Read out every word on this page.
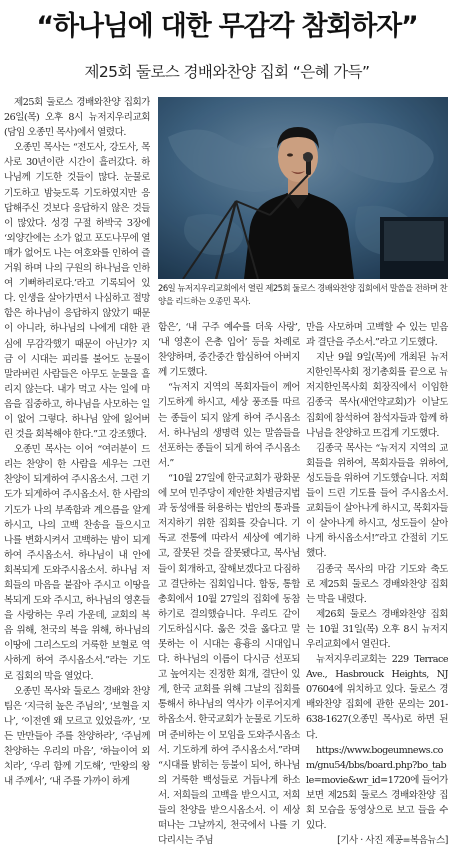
“하나님에 대한 무감각 참회하자”
제25회 둘로스 경배와찬양 집회 “은혜 가득”

제25회 둘로스 경배와찬양 집회가 26일(목) 오후 8시 뉴저지우리교회(담임 오종민 목사)에서 열렸다.

오종민 목사는 “전도사, 강도사, 목사로 30년이란 시간이 흘러갔다. 하나님께 기도한 것들이 많다. 눈물로 기도하고 밤늦도록 기도하였지만 응답해주신 것보다 응답하지 않은 것들이 많았다. 성경 구절 하박국 3장에 ‘외양간에는 소가 없고 포도나무에 열매가 없어도 나는 여호와를 인하여 즐거워 하며 나의 구원의 하나님을 인하여 기뻐하리로다.’라고 기록되어 있다. 인생을 살아가면서 나심하고 절망함은 하나님이 응답하지 않았기 때문이 아니라, 하나님의 나에게 대한 관심에 무감각했기 때문이 아닌가? 지금 이 시대는 피리를 불어도 눈물이 말라버린 사람들은 아무도 눈물을 흘리지 않는다. 내가 먹고 사는 일에 마음을 집중하고, 하나님을 사모하는 일이 없어 그렇다. 하나님 앞에 잃어버린 것을 회복해야 한다.”고 강조했다.

오종민 목사는 이어 “여러분이 드리는 찬양이 한 사람을 세우는 그런 찬양이 되게하여 주시옵소서. 그런 기도가 되게하여 주시옵소서. 한 사람의 기도가 나의 부족함과 계으름을 알게 하시고, 나의 고백 찬송을 들으시고 나를 변화시켜서 고백하는 밤이 되게 하여 주시옵소서. 하나님이 내 안에 회복되게 도와주시옵소서. 하나님 저희들의 마음을 붙잡아 주시고 이땅을 복되게 도와 주시고, 하나님의 영혼들을 사랑하는 우리 가운데, 교회의 복음 위해, 천국의 복을 위해, 하나님의 이땅에 그리스도의 거룩한 보혈로 역사하게 하여 주시옵소서.”라는 기도로 집회의 막을 열었다.

오종민 목사와 둘로스 경배와 찬양팀은 ‘지극히 높은 주님의’, ‘보혈을 지나’, ‘이전엔 왜 모르고 있었을까’, ‘모든 만만들아 주를 찬양하라’, ‘주님께 찬양하는 우리의 마음’, ‘하늘이여 외치라’, ‘우리 함께 기도해’, ‘만왕의 왕 내 주께서’, ‘내 주를 가까이 하게

26일 뉴저지우리교회에서 열린 제25회 둘로스 경배와찬양 집회에서 말씀을 전하며 찬양을 리드하는 오종민 목사.

함은’, ‘내 구주 예수를 더욱 사랑’, ‘내 영혼이 은총 입어’ 등을 차례로 찬양하며, 중간중간 합심하여 아버지께 기도했다.

“뉴저지 지역의 목회자들이 께어 기도하게 하시고, 세상 풍조를 따르는 종들이 되지 않게 하여 주시옵소서. 하나님의 생명력 있는 말씀들을 선포하는 종들이 되게 하여 주시옵소서.”

“10월 27일에 한국교회가 광화문에 모여 민주당이 제안한 차별금지법과 동성애를 허용하는 법안의 통과를 저지하기 위한 집회를 갖습니다. 기독교 전통에 따라서 세상에 예기하고, 잘못된 것을 잘못됐다고, 목사님들이 회개하고, 잘해보겠다고 다짐하고 결단하는 집회입니다. 합동, 통합 총회에서 10월 27일의 집회에 동참하기로 결의했습니다. 우리도 같이 기도하십시다. 옳은 것을 옳다고 말못하는 이 시대는 흉흉의 시대입니다. 하나님의 이름이 다시금 선포되고 높여지는 진정한 회개, 결단이 있게, 한국 교회를 위해 그날의 집회를 통해서 하나님의 역사가 이루어지게 하옵소서. 한국교회가 눈물로 기도하며 준비하는 이 모임을 도와주시옵소서. 기도하게 하여 주시옵소서.”라며 “시대를 밝히는 등불이 되어, 하나님의 거룩한 백성들로 거듭나게 하소서. 저희들의 고백을 받으시고, 저희들의 찬양을 받으시옵소서. 이 세상 떠나는 그날까지, 천국에서 나를 기다리시는 주님

만을 사모하며 고백할 수 있는 믿음과 결단을 주소서.”라고 기도했다.

지난 9월 9일(목)에 개최된 뉴저지한인목사회 정기총회를 끝으로 뉴저지한인목사회 회장직에서 이임한 김종국 목사(새언약교회)가 이날도 집회에 참석하여 참석자들과 함께 하나님을 찬양하고 뜨겁게 기도했다.

김종국 목사는 “뉴저지 지역의 교회들을 위하여, 목회자들을 위하여, 성도들을 위하여 기도했습니다. 저희들이 드린 기도를 들어 주시옵소서. 교회들이 살아나게 하시고, 목회자들이 살아나게 하시고, 성도들이 살아나게 하시옵소서!”라고 간절히 기도했다.

김종국 목사의 마감 기도와 축도로 제25회 둘로스 경배와찬양 집회는 막을 내렸다.

제26회 둘로스 경배와찬양 집회는 10월 31일(목) 오후 8시 뉴저지우리교회에서 열린다.

뉴저지우리교회는 229 Terrace Ave., Hasbrouck Heights, NJ 07604에 위치하고 있다. 둘로스 경배와찬양 집회에 관한 문의는 201-638-1627(오종민 목사)로 하면 된다.

https://www.bogeumnews.com/gnu54/bbs/board.php?bo_table=movie&wr_id=1720에 들어가보면 제25회 둘로스 경배와찬양 집회 모습을 동영상으로 보고 들을 수 있다.

[기사 · 사진 제공=복음뉴스]
